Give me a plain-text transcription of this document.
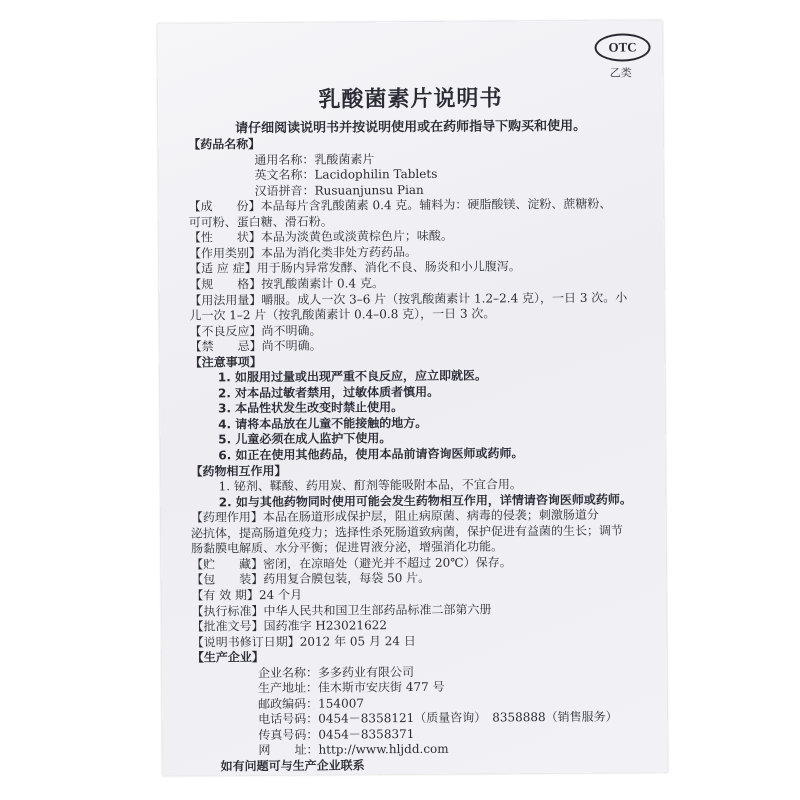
OTC
乙类
乳酸菌素片说明书
请仔细阅读说明书并按说明使用或在药师指导下购买和使用。
【药品名称】
通用名称：乳酸菌素片
英文名称：Lacidophilin Tablets
汉语拼音：Rusuanjunsu Pian
【成　　份】本品每片含乳酸菌素 0.4 克。辅料为：硬脂酸镁、淀粉、蔗糖粉、
可可粉、蛋白糖、滑石粉。
【性　　状】本品为淡黄色或淡黄棕色片；味酸。
【作用类别】本品为消化类非处方药药品。
【适 应 症】用于肠内异常发酵、消化不良、肠炎和小儿腹泻。
【规　　格】按乳酸菌素计 0.4 克。
【用法用量】嚼服。成人一次 3–6 片（按乳酸菌素计 1.2–2.4 克），一日 3 次。小
儿一次 1–2 片（按乳酸菌素计 0.4–0.8 克），一日 3 次。
【不良反应】尚不明确。
【禁　　忌】尚不明确。
【注意事项】
1. 如服用过量或出现严重不良反应，应立即就医。
2. 对本品过敏者禁用，过敏体质者慎用。
3. 本品性状发生改变时禁止使用。
4. 请将本品放在儿童不能接触的地方。
5. 儿童必须在成人监护下使用。
6. 如正在使用其他药品，使用本品前请咨询医师或药师。
【药物相互作用】
1. 铋剂、鞣酸、药用炭、酊剂等能吸附本品，不宜合用。
2. 如与其他药物同时使用可能会发生药物相互作用，详情请咨询医师或药师。
【药理作用】本品在肠道形成保护层，阻止病原菌、病毒的侵袭；刺激肠道分
泌抗体，提高肠道免疫力；选择性杀死肠道致病菌，保护促进有益菌的生长；调节
肠黏膜电解质、水分平衡；促进胃液分泌，增强消化功能。
【贮　　藏】密闭，在凉暗处（避光并不超过 20℃）保存。
【包　　装】药用复合膜包装，每袋 50 片。
【有 效 期】24 个月
【执行标准】中华人民共和国卫生部药品标准二部第六册
【批准文号】国药准字 H23021622
【说明书修订日期】2012 年 05 月 24 日
【生产企业】
企业名称：多多药业有限公司
生产地址：佳木斯市安庆街 477 号
邮政编码：154007
电话号码：0454－8358121（质量咨询）　8358888（销售服务）
传真号码：0454－8358371
网　　址：http://www.hljdd.com
如有问题可与生产企业联系
